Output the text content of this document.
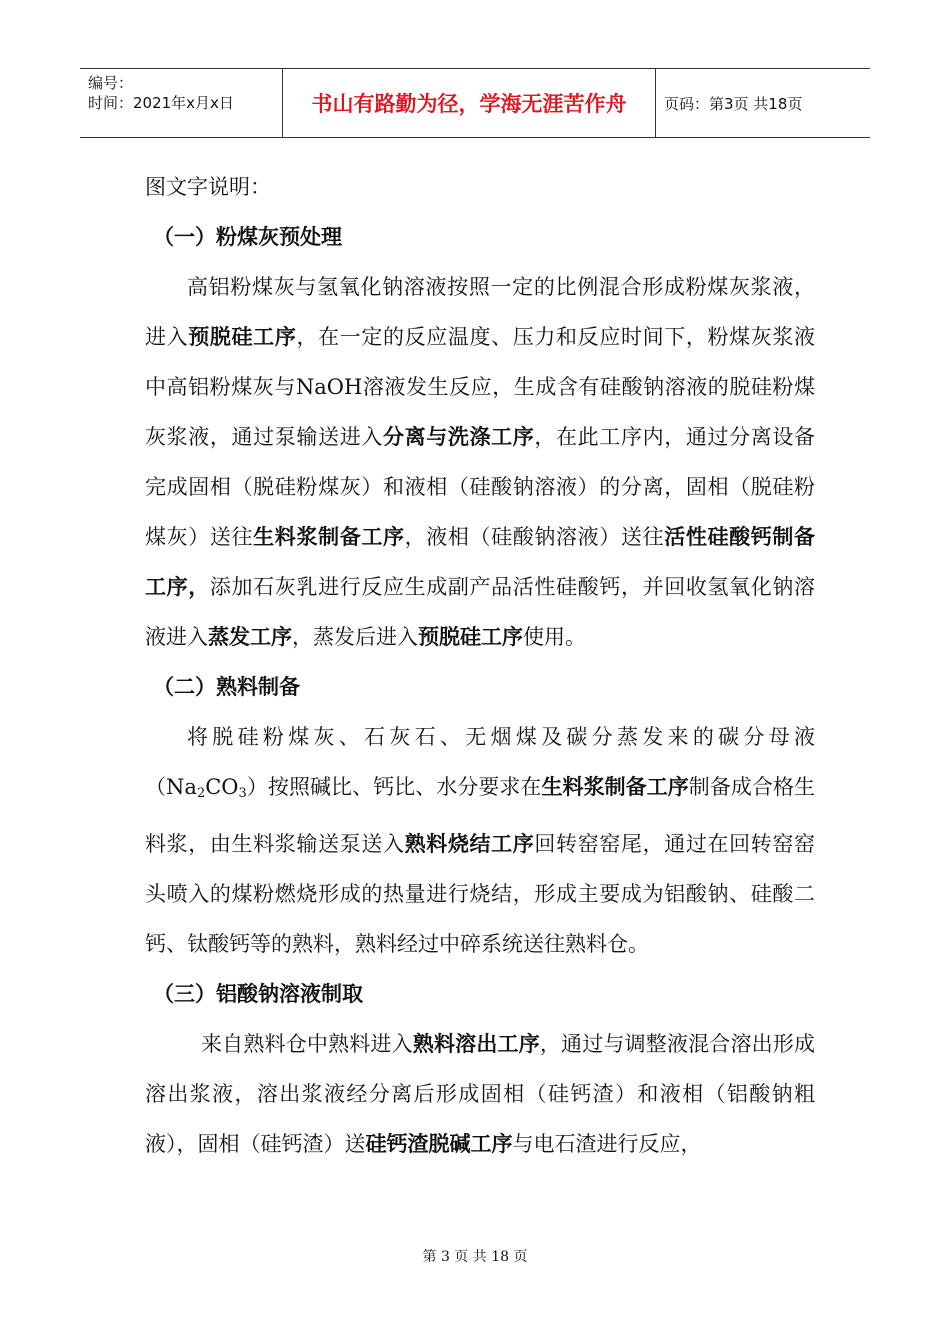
编号：
时间：2021年x月x日	书山有路勤为径，学海无涯苦作舟	页码：第3页 共18页

图文字说明：

（一）粉煤灰预处理

高铝粉煤灰与氢氧化钠溶液按照一定的比例混合形成粉煤灰浆液，进入预脱硅工序，在一定的反应温度、压力和反应时间下，粉煤灰浆液中高铝粉煤灰与NaOH溶液发生反应，生成含有硅酸钠溶液的脱硅粉煤灰浆液，通过泵输送进入分离与洗涤工序，在此工序内，通过分离设备完成固相（脱硅粉煤灰）和液相（硅酸钠溶液）的分离，固相（脱硅粉煤灰）送往生料浆制备工序，液相（硅酸钠溶液）送往活性硅酸钙制备工序，添加石灰乳进行反应生成副产品活性硅酸钙，并回收氢氧化钠溶液进入蒸发工序，蒸发后进入预脱硅工序使用。

（二）熟料制备

将脱硅粉煤灰、石灰石、无烟煤及碳分蒸发来的碳分母液$(Na_2CO_3)$按照碱比、钙比、水分要求在生料浆制备工序制备成合格生料浆，由生料浆输送泵送入熟料烧结工序回转窑窑尾，通过在回转窑窑头喷入的煤粉燃烧形成的热量进行烧结，形成主要成为铝酸钠、硅酸二钙、钛酸钙等的熟料，熟料经过中碎系统送往熟料仓。

（三）铝酸钠溶液制取

来自熟料仓中熟料进入熟料溶出工序，通过与调整液混合溶出形成溶出浆液，溶出浆液经分离后形成固相（硅钙渣）和液相（铝酸钠粗液），固相（硅钙渣）送硅钙渣脱碱工序与电石渣进行反应，

第 3 页 共 18 页
